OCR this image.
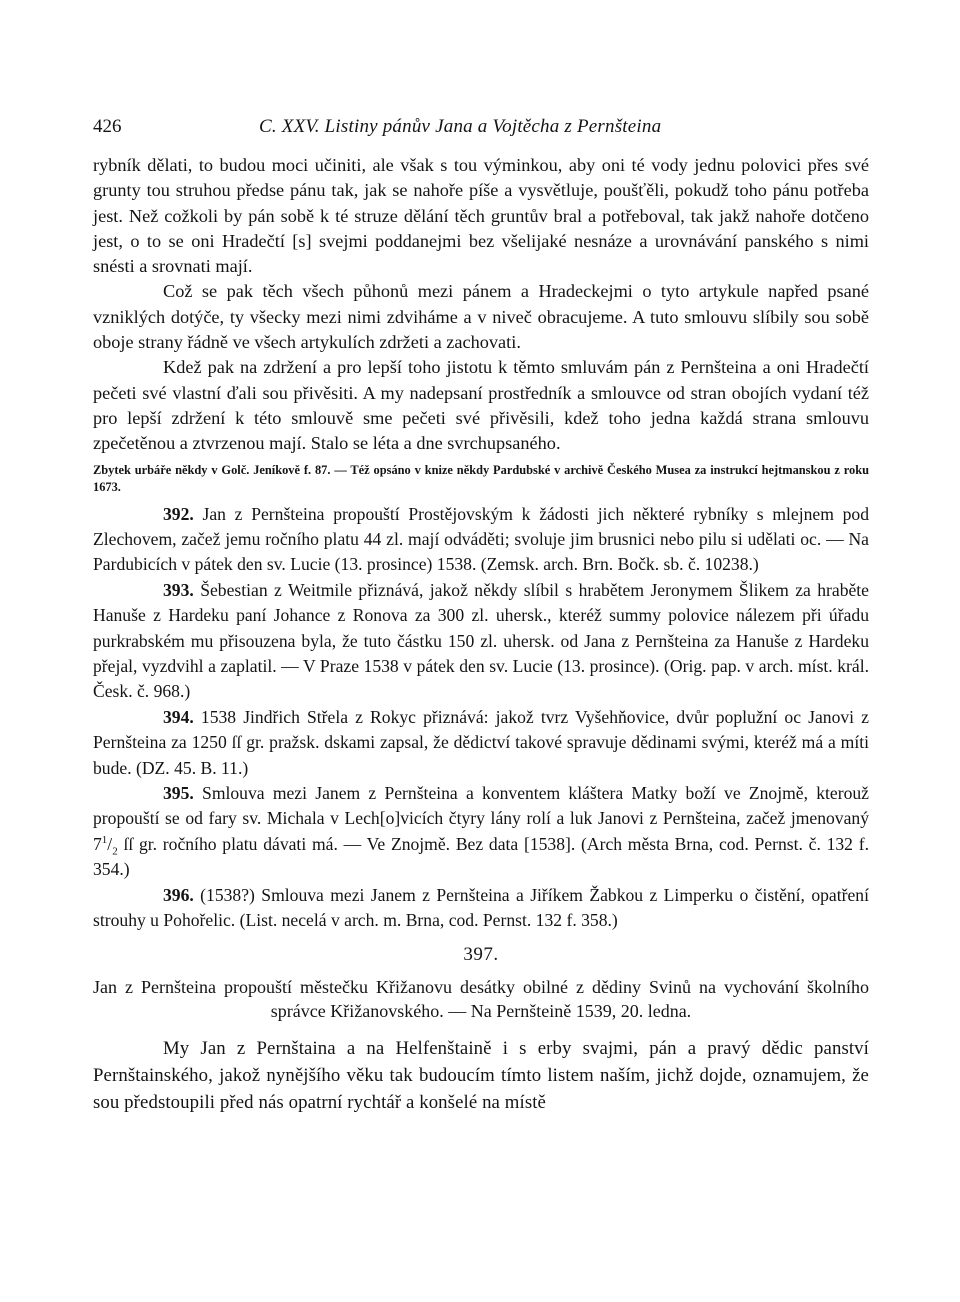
426	C. XXV. Listiny pánův Jana a Vojtěcha z Pernšteina

rybník dělati, to budou moci učiniti, ale však s tou výminkou, aby oni té vody jednu polovici přes své grunty tou struhou předse pánu tak, jak se nahoře píše a vysvětluje, poušťěli, pokudž toho pánu potřeba jest. Než cožkoli by pán sobě k té struze dělání těch gruntův bral a potřeboval, tak jakž nahoře dotčeno jest, o to se oni Hradečtí [s] svejmi poddanejmi bez všelijaké nesnáze a urovnávání panského s nimi snésti a srovnati mají.

Což se pak těch všech půhonů mezi pánem a Hradeckejmi o tyto artykule napřed psané vzniklých dotýče, ty všecky mezi nimi zdviháme a v niveč obracujeme. A tuto smlouvu slíbily sou sobě oboje strany řádně ve všech artykulích zdržeti a zachovati.

Kdež pak na zdržení a pro lepší toho jistotu k těmto smluvám pán z Pernšteina a oni Hradečtí pečeti své vlastní ďali sou přivěsiti. A my nadepsaní prostředník a smlouvce od stran obojích vydaní též pro lepší zdržení k této smlouvě sme pečeti své přivěsili, kdež toho jedna každá strana smlouvu zpečetěnou a ztvrzenou mají. Stalo se léta a dne svrchupsaného.

Zbytek urbáře někdy v Golč. Jeníkově f. 87. — Též opsáno v knize někdy Pardubské v archivě Českého Musea za instrukcí hejtmanskou z roku 1673.

392. Jan z Pernšteina propouští Prostějovským k žádosti jich některé rybníky s mlejnem pod Zlechovem, začež jemu ročního platu 44 zl. mají odváděti; svoluje jim brusnici nebo pilu si udělati oc. — Na Pardubicích v pátek den sv. Lucie (13. prosince) 1538. (Zemsk. arch. Brn. Bočk. sb. č. 10238.)

393. Šebestian z Weitmile přiznává, jakož někdy slíbil s hrabětem Jeronymem Šlikem za hraběte Hanuše z Hardeku paní Johance z Ronova za 300 zl. uhersk., kteréž summy polovice nálezem při úřadu purkrabském mu přisouzena byla, že tuto částku 150 zl. uhersk. od Jana z Pernšteina za Hanuše z Hardeku přejal, vyzdvihl a zaplatil. — V Praze 1538 v pátek den sv. Lucie (13. prosince). (Orig. pap. v arch. míst. král. Česk. č. 968.)

394. 1538 Jindřich Střela z Rokyc přiznává: jakož tvrz Vyšehňovice, dvůr poplužní oc Janovi z Pernšteina za 1250 ſſ gr. pražsk. dskami zapsal, že dědictví takové spravuje dědinami svými, kteréž má a míti bude. (DZ. 45. B. 11.)

395. Smlouva mezi Janem z Pernšteina a konventem kláštera Matky boží ve Znojmě, kterouž propouští se od fary sv. Michala v Lech[o]vicích čtyry lány rolí a luk Janovi z Pernšteina, začež jmenovaný $7^1/_2$ ſſ gr. ročního platu dávati má. — Ve Znojmě. Bez data [1538]. (Arch města Brna, cod. Pernst. č. 132 f. 354.)

396. (1538?) Smlouva mezi Janem z Pernšteina a Jiříkem Žabkou z Limperku o čistění, opatření strouhy u Pohořelic. (List. necelá v arch. m. Brna, cod. Pernst. 132 f. 358.)

397.

Jan z Pernšteina propouští městečku Křižanovu desátky obilné z dědiny Svinů na vychování školního správce Křižanovského. — Na Pernšteině 1539, 20. ledna.

My Jan z Pernštaina a na Helfenštaině i s erby svajmi, pán a pravý dědic panství Pernštainského, jakož nynějšího věku tak budoucím tímto listem naším, jichž dojde, oznamujem, že sou předstoupili před nás opatrní rychtář a konšelé na místě
